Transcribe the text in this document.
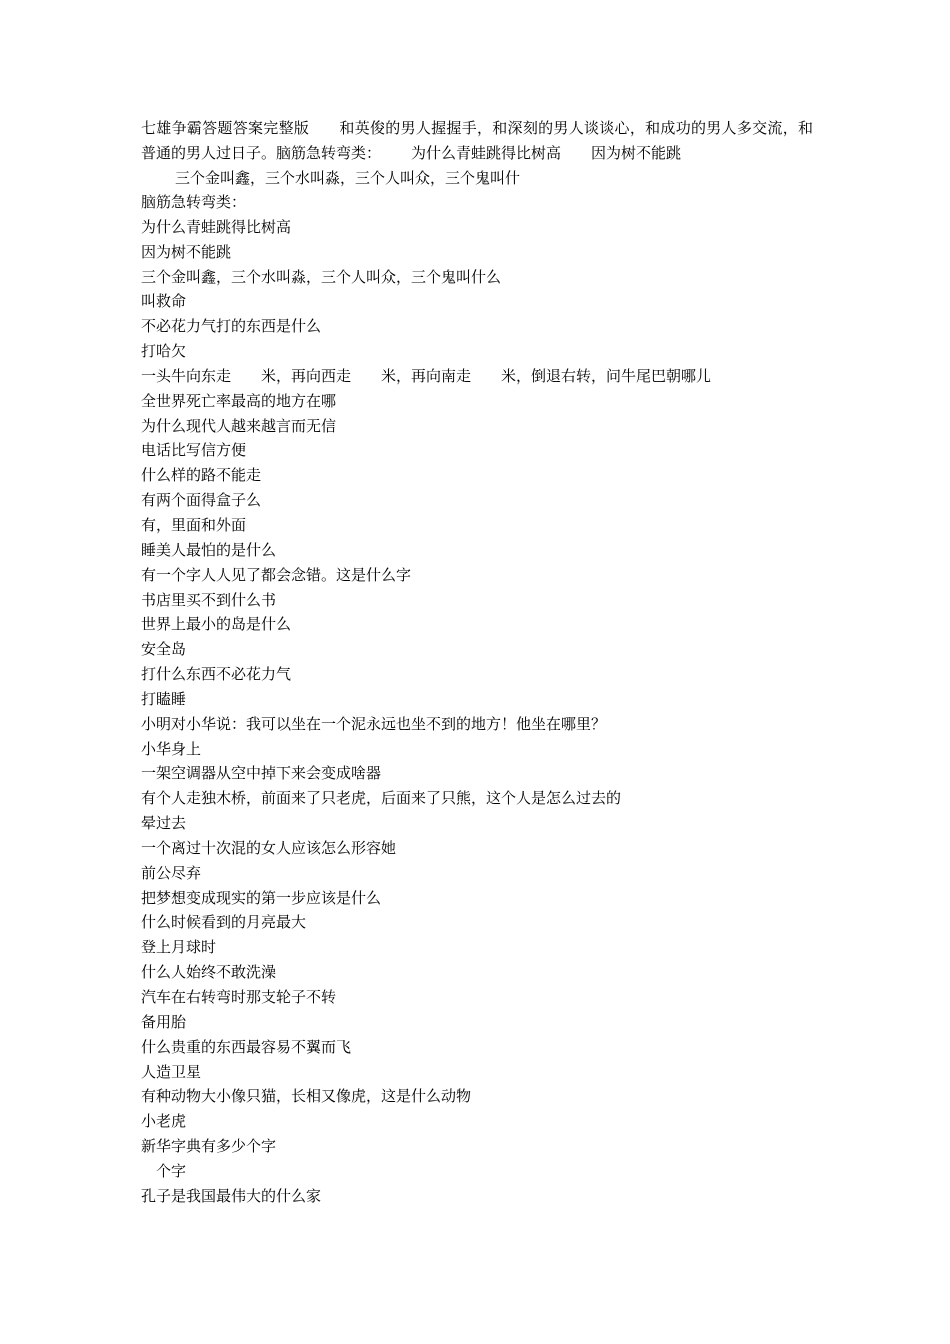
七雄争霸答题答案完整版 和英俊的男人握握手，和深刻的男人谈谈心，和成功的男人多交流，和普通的男人过日子。脑筋急转弯类： 为什么青蛙跳得比树高 因为树不能跳
三个金叫鑫，三个水叫淼，三个人叫众，三个鬼叫什
脑筋急转弯类：
为什么青蛙跳得比树高
因为树不能跳
三个金叫鑫，三个水叫淼，三个人叫众，三个鬼叫什么
叫救命
不必花力气打的东西是什么
打哈欠
一头牛向东走　　米，再向西走　　米，再向南走　　米，倒退右转，问牛尾巴朝哪儿
全世界死亡率最高的地方在哪
为什么现代人越来越言而无信
电话比写信方便
什么样的路不能走
有两个面得盒子么
有，里面和外面
睡美人最怕的是什么
有一个字人人见了都会念错。这是什么字
书店里买不到什么书
世界上最小的岛是什么
安全岛
打什么东西不必花力气
打瞌睡
小明对小华说：我可以坐在一个泥永远也坐不到的地方！他坐在哪里？
小华身上
一架空调器从空中掉下来会变成啥器
有个人走独木桥，前面来了只老虎，后面来了只熊，这个人是怎么过去的
晕过去
一个离过十次混的女人应该怎么形容她
前公尽弃
把梦想变成现实的第一步应该是什么
什么时候看到的月亮最大
登上月球时
什么人始终不敢洗澡
汽车在右转弯时那支轮子不转
备用胎
什么贵重的东西最容易不翼而飞
人造卫星
有种动物大小像只猫，长相又像虎，这是什么动物
小老虎
新华字典有多少个字
　个字
孔子是我国最伟大的什么家
